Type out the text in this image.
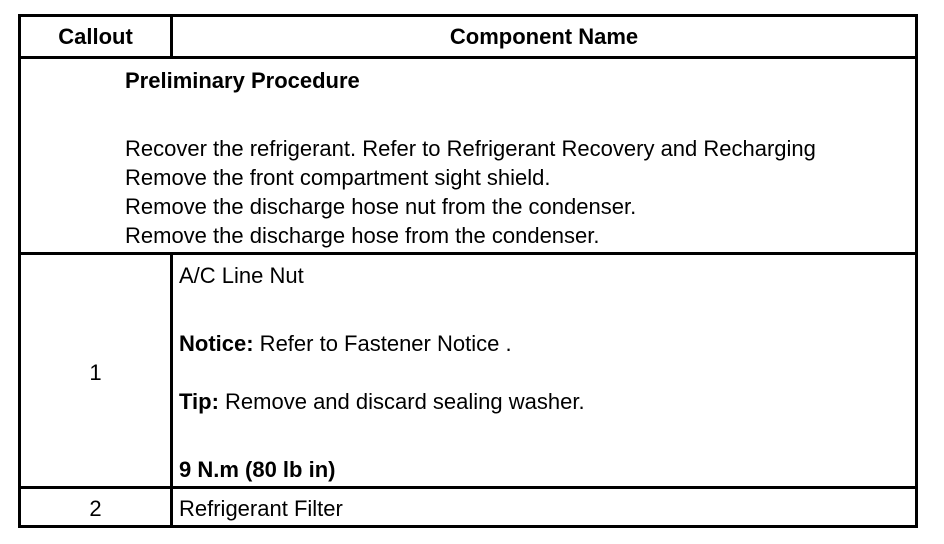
Callout	Component Name
Preliminary Procedure
Recover the refrigerant. Refer to Refrigerant Recovery and Recharging
Remove the front compartment sight shield.
Remove the discharge hose nut from the condenser.
Remove the discharge hose from the condenser.
1
A/C Line Nut
Notice: Refer to Fastener Notice .
Tip: Remove and discard sealing washer.
9 N.m (80 lb in)
2	Refrigerant Filter
